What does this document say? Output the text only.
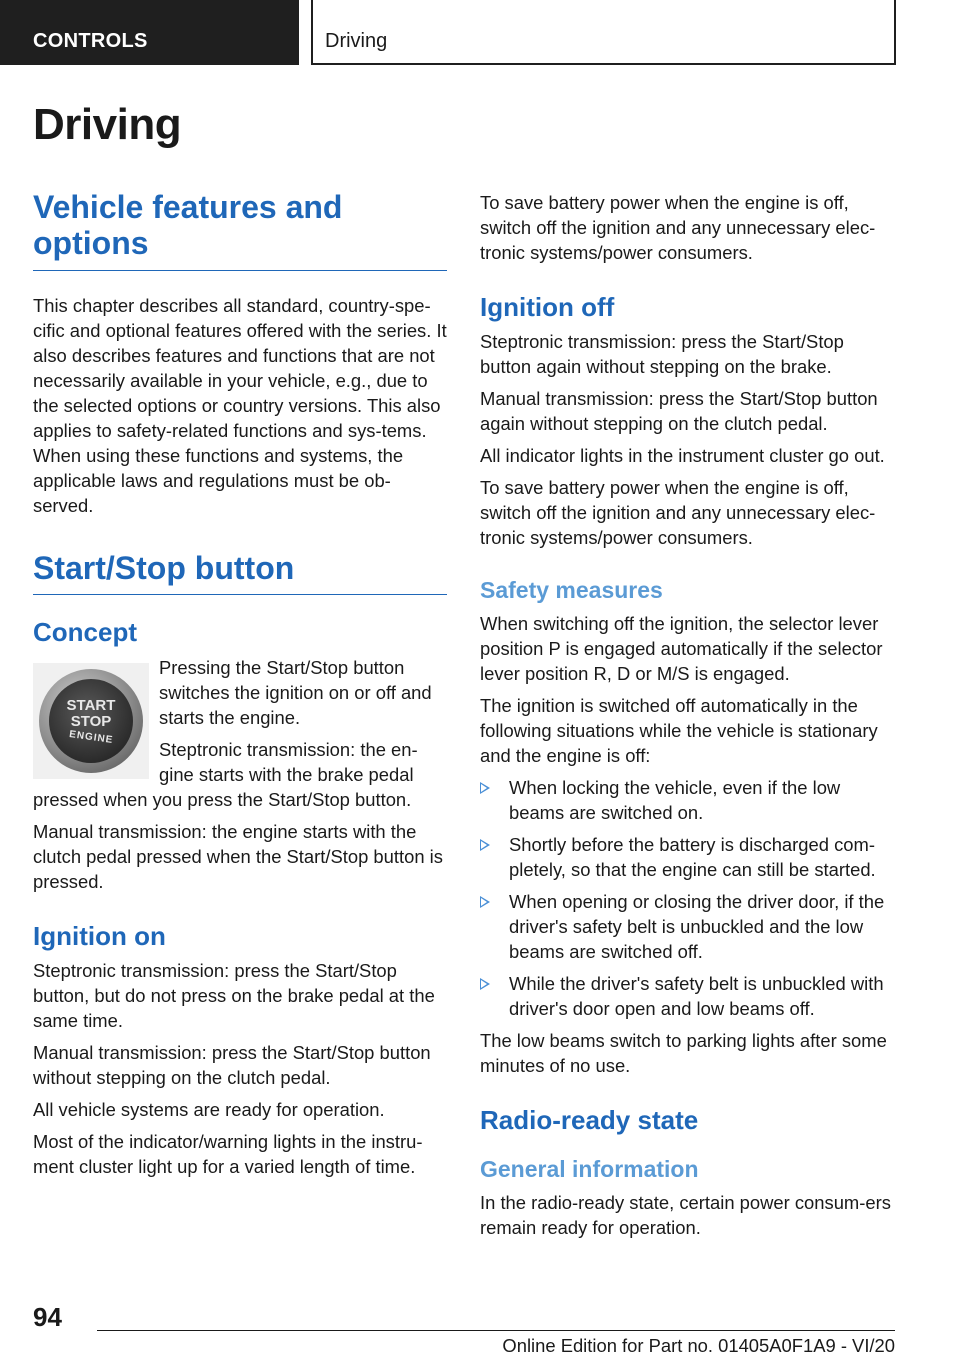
CONTROLS	Driving
Driving
Vehicle features and options

This chapter describes all standard, country-spe-cific and optional features offered with the series. It also describes features and functions that are not necessarily available in your vehicle, e.g., due to the selected options or country versions. This also applies to safety-related functions and sys-tems. When using these functions and systems, the applicable laws and regulations must be ob-served.

Start/Stop button
Concept
START
STOP
ENGINE

Pressing the Start/Stop button switches the ignition on or off and starts the engine.

Steptronic transmission: the en-gine starts with the brake pedal pressed when you press the Start/Stop button.

Manual transmission: the engine starts with the clutch pedal pressed when the Start/Stop button is pressed.

Ignition on

Steptronic transmission: press the Start/Stop button, but do not press on the brake pedal at the same time.

Manual transmission: press the Start/Stop button without stepping on the clutch pedal.

All vehicle systems are ready for operation.

Most of the indicator/warning lights in the instru-ment cluster light up for a varied length of time.

To save battery power when the engine is off, switch off the ignition and any unnecessary elec-tronic systems/power consumers.

Ignition off

Steptronic transmission: press the Start/Stop button again without stepping on the brake.

Manual transmission: press the Start/Stop button again without stepping on the clutch pedal.

All indicator lights in the instrument cluster go out.

To save battery power when the engine is off, switch off the ignition and any unnecessary elec-tronic systems/power consumers.

Safety measures

When switching off the ignition, the selector lever position P is engaged automatically if the selector lever position R, D or M/S is engaged.

The ignition is switched off automatically in the following situations while the vehicle is stationary and the engine is off:

When locking the vehicle, even if the low beams are switched on.
Shortly before the battery is discharged com-pletely, so that the engine can still be started.
When opening or closing the driver door, if the driver's safety belt is unbuckled and the low beams are switched off.
While the driver's safety belt is unbuckled with driver's door open and low beams off.

The low beams switch to parking lights after some minutes of no use.

Radio-ready state
General information

In the radio-ready state, certain power consum-ers remain ready for operation.

94
Online Edition for Part no. 01405A0F1A9 - VI/20
